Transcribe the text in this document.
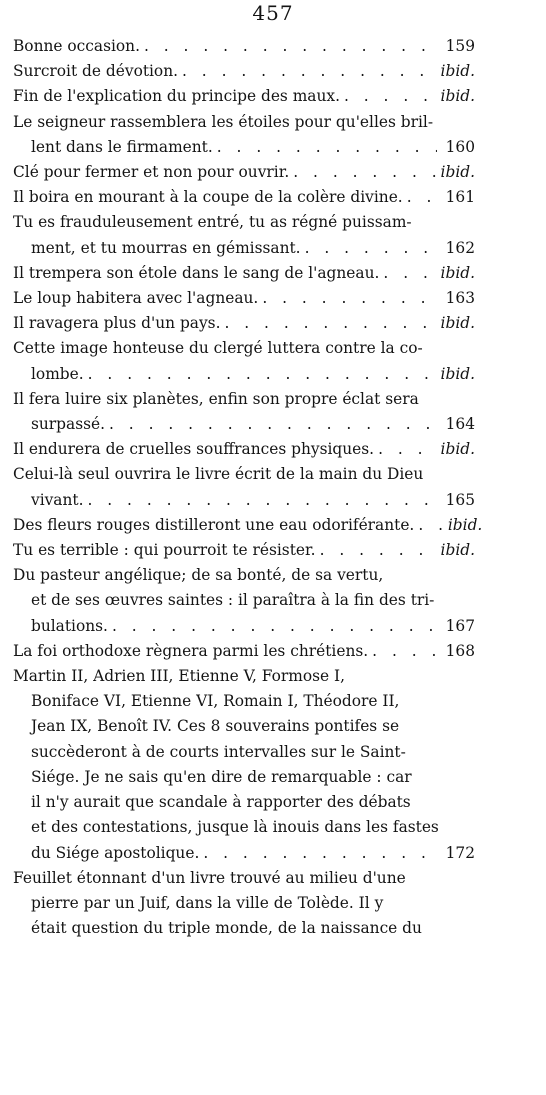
457
Bonne occasion. . . .	159
Surcroit de dévotion. . . .	ibid.
Fin de l'explication du principe des maux. . . .	ibid.
Le seigneur rassemblera les étoiles pour qu'elles bril-
lent dans le firmament. . . .	160
Clé pour fermer et non pour ouvrir. . . .	ibid.
Il boira en mourant à la coupe de la colère divine. . . .	161
Tu es frauduleusement entré, tu as régné puissam-
ment, et tu mourras en gémissant. . . .	162
Il trempera son étole dans le sang de l'agneau. . . .	ibid.
Le loup habitera avec l'agneau. . . .	163
Il ravagera plus d'un pays. . . .	ibid.
Cette image honteuse du clergé luttera contre la co-
lombe. . . .	ibid.
Il fera luire six planètes, enfin son propre éclat sera
surpassé. . . .	164
Il endurera de cruelles souffrances physiques. . . .	ibid.
Celui-là seul ouvrira le livre écrit de la main du Dieu
vivant. . . .	165
Des fleurs rouges distilleront une eau odoriférante. . . . ibid.
Tu es terrible : qui pourroit te résister. . . .	ibid.
Du pasteur angélique; de sa bonté, de sa vertu,
et de ses œuvres saintes : il paraîtra à la fin des tri-
bulations. . . .	167
La foi orthodoxe règnera parmi les chrétiens. . . .	168
Martin II, Adrien III, Etienne V, Formose I,
Boniface VI, Etienne VI, Romain I, Théodore II,
Jean IX, Benoît IV. Ces 8 souverains pontifes se
succèderont à de courts intervalles sur le Saint-
Siége. Je ne sais qu'en dire de remarquable : car
il n'y aurait que scandale à rapporter des débats
et des contestations, jusque là inouis dans les fastes
du Siége apostolique. . . .	172
Feuillet étonnant d'un livre trouvé au milieu d'une
pierre par un Juif, dans la ville de Tolède. Il y
était question du triple monde, de la naissance du
